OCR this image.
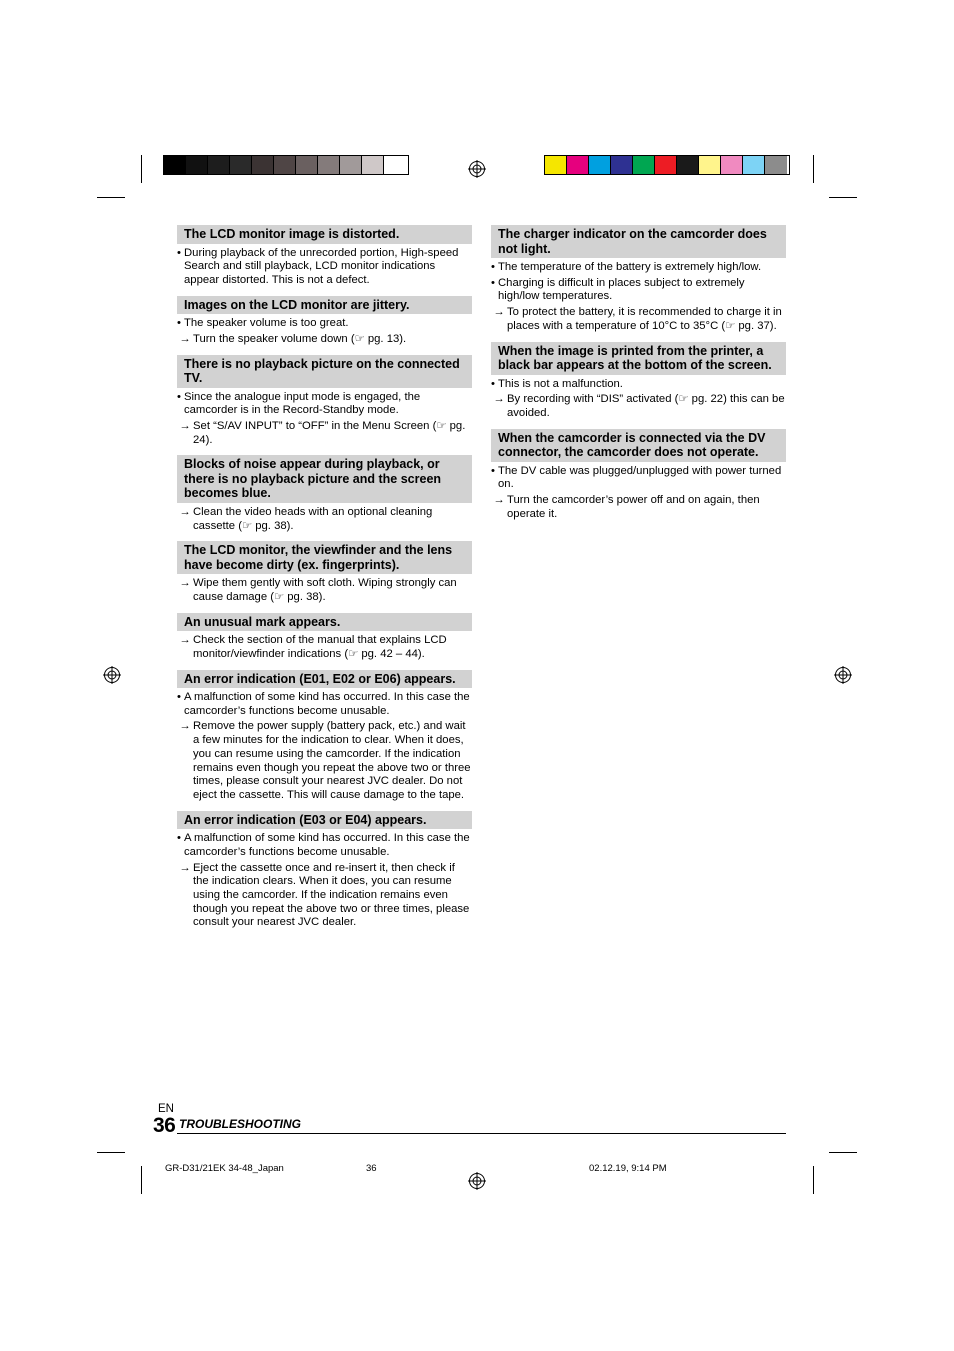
The LCD monitor image is distorted.
• During playback of the unrecorded portion, High-speed Search and still playback, LCD monitor indications appear distorted. This is not a defect.
Images on the LCD monitor are jittery.
• The speaker volume is too great.
→ Turn the speaker volume down (☞ pg. 13).
There is no playback picture on the connected TV.
• Since the analogue input mode is engaged, the camcorder is in the Record-Standby mode.
→ Set “S/AV INPUT” to “OFF” in the Menu Screen (☞ pg. 24).
Blocks of noise appear during playback, or there is no playback picture and the screen becomes blue.
→ Clean the video heads with an optional cleaning cassette (☞ pg. 38).
The LCD monitor, the viewfinder and the lens have become dirty (ex. fingerprints).
→ Wipe them gently with soft cloth. Wiping strongly can cause damage (☞ pg. 38).
An unusual mark appears.
→ Check the section of the manual that explains LCD monitor/viewfinder indications (☞ pg. 42 – 44).
An error indication (E01, E02 or E06) appears.
• A malfunction of some kind has occurred. In this case the camcorder’s functions become unusable.
→ Remove the power supply (battery pack, etc.) and wait a few minutes for the indication to clear. When it does, you can resume using the camcorder. If the indication remains even though you repeat the above two or three times, please consult your nearest JVC dealer. Do not eject the cassette. This will cause damage to the tape.
An error indication (E03 or E04) appears.
• A malfunction of some kind has occurred. In this case the camcorder’s functions become unusable.
→ Eject the cassette once and re-insert it, then check if the indication clears. When it does, you can resume using the camcorder. If the indication remains even though you repeat the above two or three times, please consult your nearest JVC dealer.
The charger indicator on the camcorder does not light.
• The temperature of the battery is extremely high/low.
• Charging is difficult in places subject to extremely high/low temperatures.
→ To protect the battery, it is recommended to charge it in places with a temperature of 10°C to 35°C (☞ pg. 37).
When the image is printed from the printer, a black bar appears at the bottom of the screen.
• This is not a malfunction.
→ By recording with “DIS” activated (☞ pg. 22) this can be avoided.
When the camcorder is connected via the DV connector, the camcorder does not operate.
• The DV cable was plugged/unplugged with power turned on.
→ Turn the camcorder’s power off and on again, then operate it.
EN
36 TROUBLESHOOTING
GR-D31/21EK 34-48_Japan	36	02.12.19, 9:14 PM
